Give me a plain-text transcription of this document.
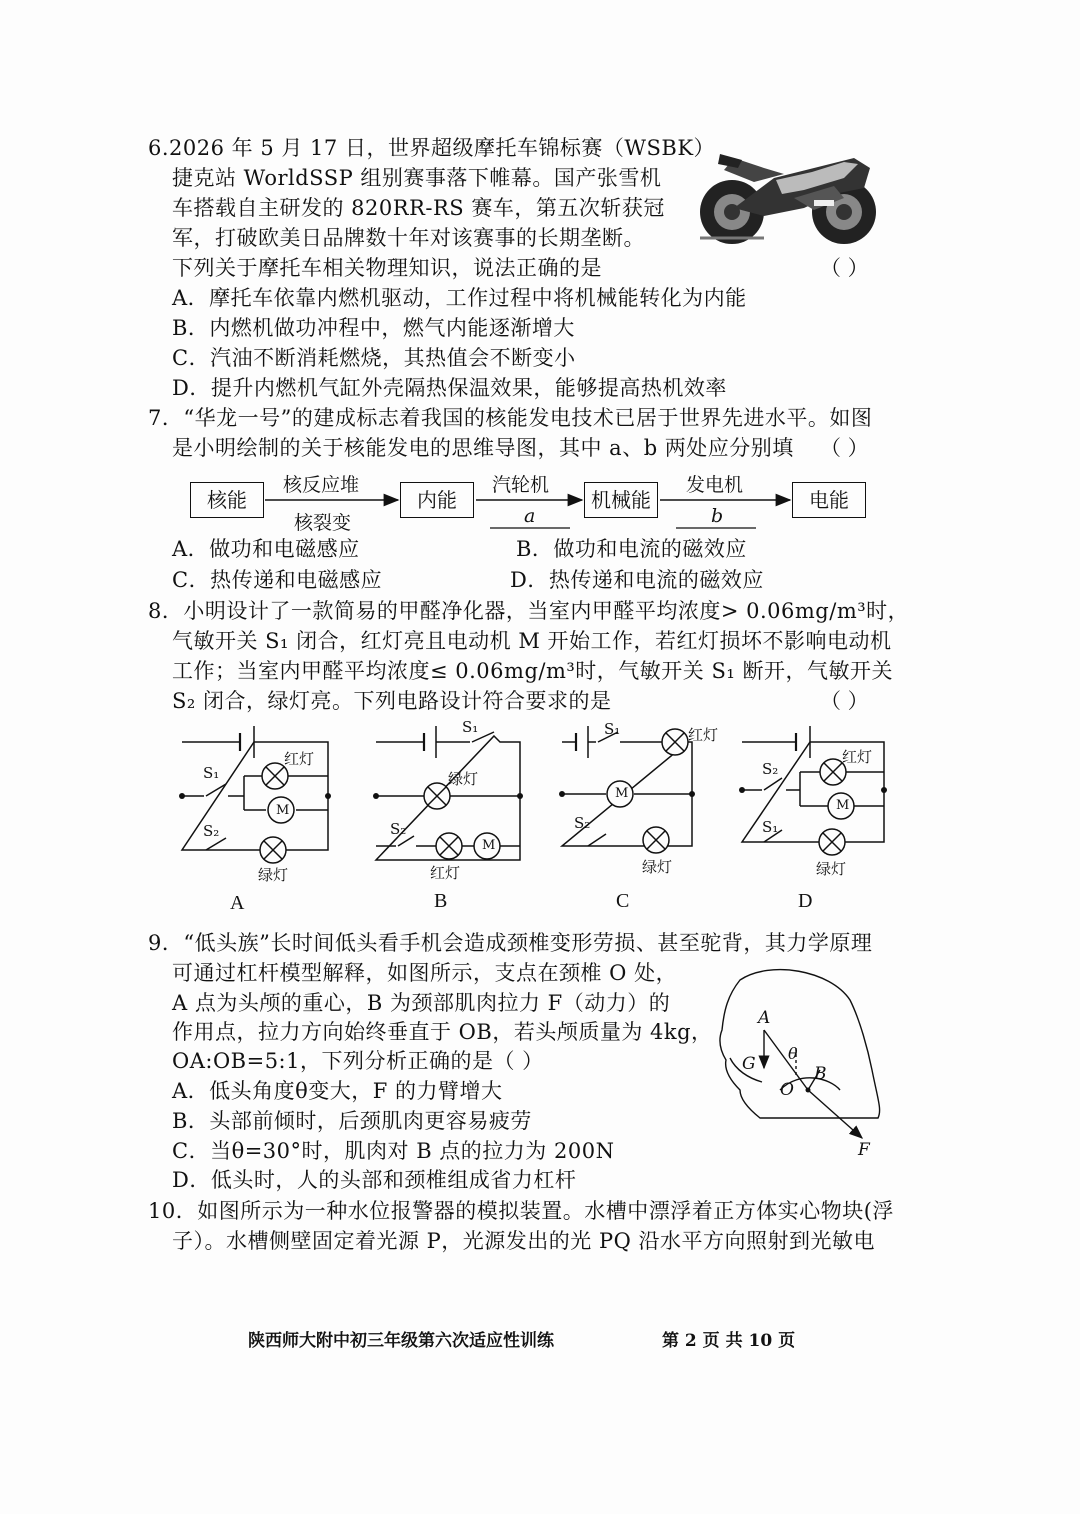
6.2026 年 5 月 17 日，世界超级摩托车锦标赛（WSBK）
捷克站 WorldSSP 组别赛事落下帷幕。国产张雪机
车搭载自主研发的 820RR-RS 赛车，第五次斩获冠
军，打破欧美日品牌数十年对该赛事的长期垄断。
下列关于摩托车相关物理知识，说法正确的是	（ ）
A．摩托车依靠内燃机驱动，工作过程中将机械能转化为内能
B．内燃机做功冲程中，燃气内能逐渐增大
C．汽油不断消耗燃烧，其热值会不断变小
D．提升内燃机气缸外壳隔热保温效果，能够提高热机效率
7．“华龙一号”的建成标志着我国的核能发电技术已居于世界先进水平。如图
是小明绘制的关于核能发电的思维导图，其中 a、b 两处应分别填 （ ）
核能	内能	机械能	电能
核反应堆	汽轮机	发电机
核裂变	a	b
A．做功和电磁感应	B．做功和电流的磁效应
C．热传递和电磁感应	D．热传递和电流的磁效应
8．小明设计了一款简易的甲醛净化器，当室内甲醛平均浓度> 0.06mg/m³时，
气敏开关 S₁ 闭合，红灯亮且电动机 M 开始工作，若红灯损坏不影响电动机
工作；当室内甲醛平均浓度≤ 0.06mg/m³时，气敏开关 S₁ 断开，气敏开关
S₂ 闭合，绿灯亮。下列电路设计符合要求的是	（ ）
红灯
M
S₁
S₂
绿灯
S₁
绿灯
S₂
红灯
M
S₁	红灯
M
S₂
绿灯
红灯
S₂
M
S₁
绿灯
A	B	C	D
9．“低头族”长时间低头看手机会造成颈椎变形劳损、甚至驼背，其力学原理
可通过杠杆模型解释，如图所示，支点在颈椎 O 处，
A 点为头颅的重心，B 为颈部肌肉拉力 F（动力）的
作用点，拉力方向始终垂直于 OB，若头颅质量为 4kg，
OA:OB=5:1，下列分析正确的是（ ）
A．低头角度θ变大，F 的力臂增大
B．头部前倾时，后颈肌肉更容易疲劳
C．当θ=30°时，肌肉对 B 点的拉力为 200N
D．低头时，人的头部和颈椎组成省力杠杆
A
G
θ
O
B
F
10．如图所示为一种水位报警器的模拟装置。水槽中漂浮着正方体实心物块(浮
子）。水槽侧壁固定着光源 P，光源发出的光 PQ 沿水平方向照射到光敏电
陕西师大附中初三年级第六次适应性训练	第 2 页 共 10 页
